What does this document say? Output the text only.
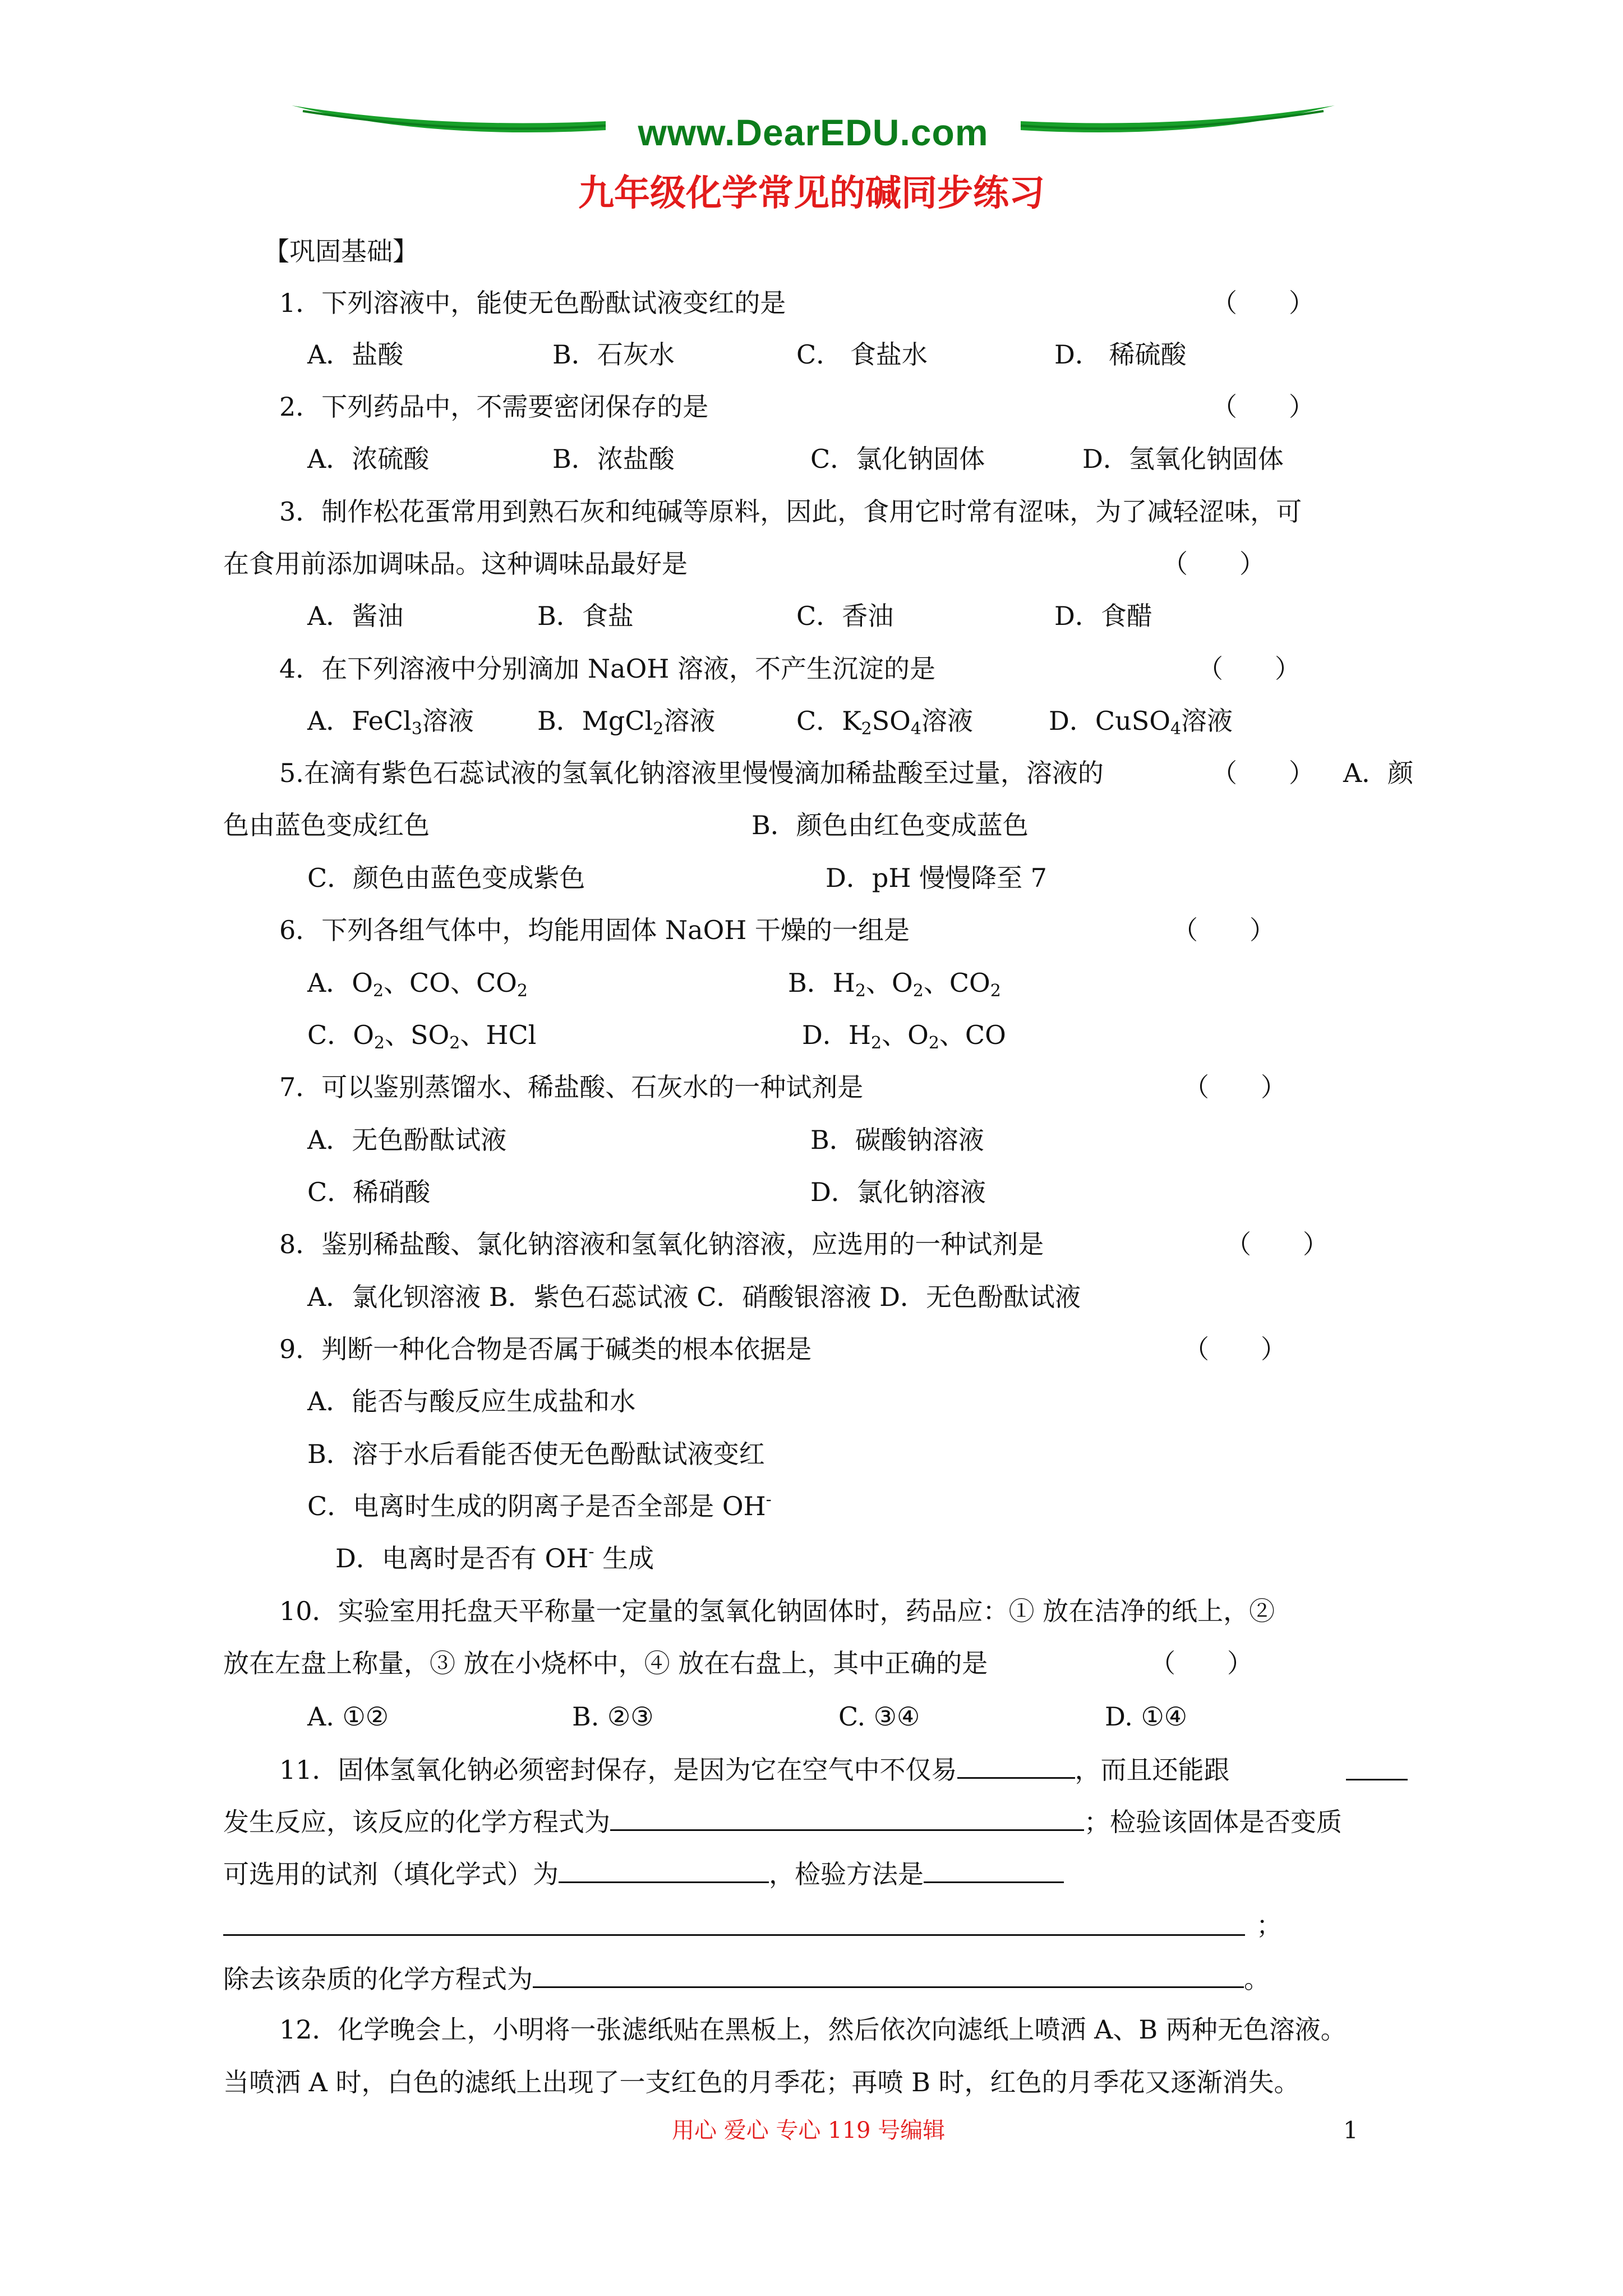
www.DearEDU.com
九年级化学常见的碱同步练习
【巩固基础】
1．下列溶液中，能使无色酚酞试液变红的是	（　　）
A．盐酸	B．石灰水	C． 食盐水	D． 稀硫酸
2．下列药品中，不需要密闭保存的是	（　　）
A．浓硫酸	B．浓盐酸	C．氯化钠固体	D．氢氧化钠固体
3．制作松花蛋常用到熟石灰和纯碱等原料，因此，食用它时常有涩味，为了减轻涩味，可
在食用前添加调味品。这种调味品最好是	（　　）
A．酱油	B．食盐	C．香油	D．食醋
4．在下列溶液中分别滴加 NaOH 溶液，不产生沉淀的是	（　　）
A．FeCl$_3$溶液 B．MgCl$_2$溶液	C．$K_2SO_4$溶液	D．CuSO$_4$溶液
5.在滴有紫色石蕊试液的氢氧化钠溶液里慢慢滴加稀盐酸至过量，溶液的	（　　） A．颜
色由蓝色变成红色	B．颜色由红色变成蓝色
C．颜色由蓝色变成紫色	D．pH 慢慢降至 7
6．下列各组气体中，均能用固体 NaOH 干燥的一组是	（　　）
A．$O_2$、CO、$CO_2$	B．$H_2$、$O_2$、$CO_2$
C．$O_2$、$SO_2$、HCl	D．$H_2$、$O_2$、CO
7．可以鉴别蒸馏水、稀盐酸、石灰水的一种试剂是	（　　）
A．无色酚酞试液	B．碳酸钠溶液
C．稀硝酸	D．氯化钠溶液
8．鉴别稀盐酸、氯化钠溶液和氢氧化钠溶液，应选用的一种试剂是	（　　）
A．氯化钡溶液 B．紫色石蕊试液 C．硝酸银溶液 D．无色酚酞试液
9．判断一种化合物是否属于碱类的根本依据是	（　　）
A．能否与酸反应生成盐和水
B．溶于水后看能否使无色酚酞试液变红
C．电离时生成的阴离子是否全部是 OH-
D．电离时是否有 OH- 生成
10．实验室用托盘天平称量一定量的氢氧化钠固体时，药品应：① 放在洁净的纸上，②
放在左盘上称量，③ 放在小烧杯中，④ 放在右盘上，其中正确的是	（　　）
A. ①②	B. ②③	C. ③④	D. ①④
11．固体氢氧化钠必须密封保存，是因为它在空气中不仅易	，而且还能跟
发生反应，该反应的化学方程式为	；检验该固体是否变质
可选用的试剂（填化学式）为	，检验方法是
；
除去该杂质的化学方程式为	。
12．化学晚会上，小明将一张滤纸贴在黑板上，然后依次向滤纸上喷洒 A、B 两种无色溶液。
当喷洒 A 时，白色的滤纸上出现了一支红色的月季花；再喷 B 时，红色的月季花又逐渐消失。
用心 爱心 专心 119 号编辑	1
